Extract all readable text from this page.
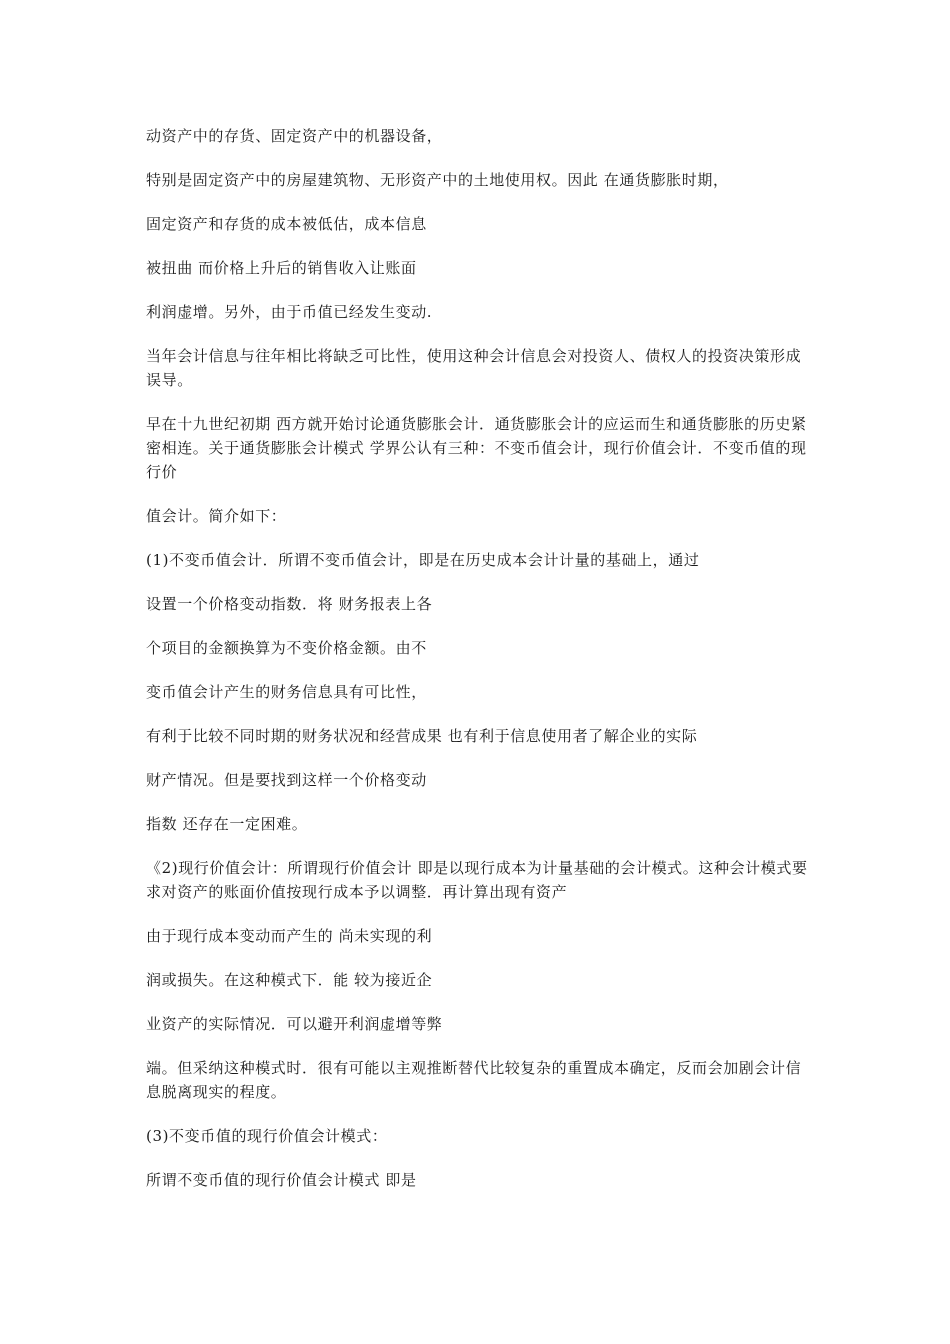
动资产中的存货、固定资产中的机器设备，

特别是固定资产中的房屋建筑物、无形资产中的土地使用权。因此 在通货膨胀时期，

固定资产和存货的成本被低估，成本信息

被扭曲 而价格上升后的销售收入让账面

利润虚增。另外，由于币值已经发生变动.

当年会计信息与往年相比将缺乏可比性，使用这种会计信息会对投资人、债权人的投资决策形成误导。

早在十九世纪初期 西方就开始讨论通货膨胀会计．通货膨胀会计的应运而生和通货膨胀的历史紧密相连。关于通货膨胀会计模式 学界公认有三种：不变币值会计，现行价值会计．不变币值的现行价

值会计。简介如下：

(1)不变币值会计．所谓不变币值会计，即是在历史成本会计计量的基础上，通过

设置一个价格变动指数．将 财务报表上各

个项目的金额换算为不变价格金额。由不

变币值会计产生的财务信息具有可比性，

有利于比较不同时期的财务状况和经营成果 也有利于信息使用者了解企业的实际

财产情况。但是要找到这样一个价格变动

指数 还存在一定困难。

《2)现行价值会计：所谓现行价值会计 即是以现行成本为计量基础的会计模式。这种会计模式要求对资产的账面价值按现行成本予以调整．再计算出现有资产

由于现行成本变动而产生的 尚未实现的利

润或损失。在这种模式下．能 较为接近企

业资产的实际情况．可以避开利润虚增等弊

端。但采纳这种模式时．很有可能以主观推断替代比较复杂的重置成本确定，反而会加剧会计信息脱离现实的程度。

(3)不变币值的现行价值会计模式：

所谓不变币值的现行价值会计模式 即是
